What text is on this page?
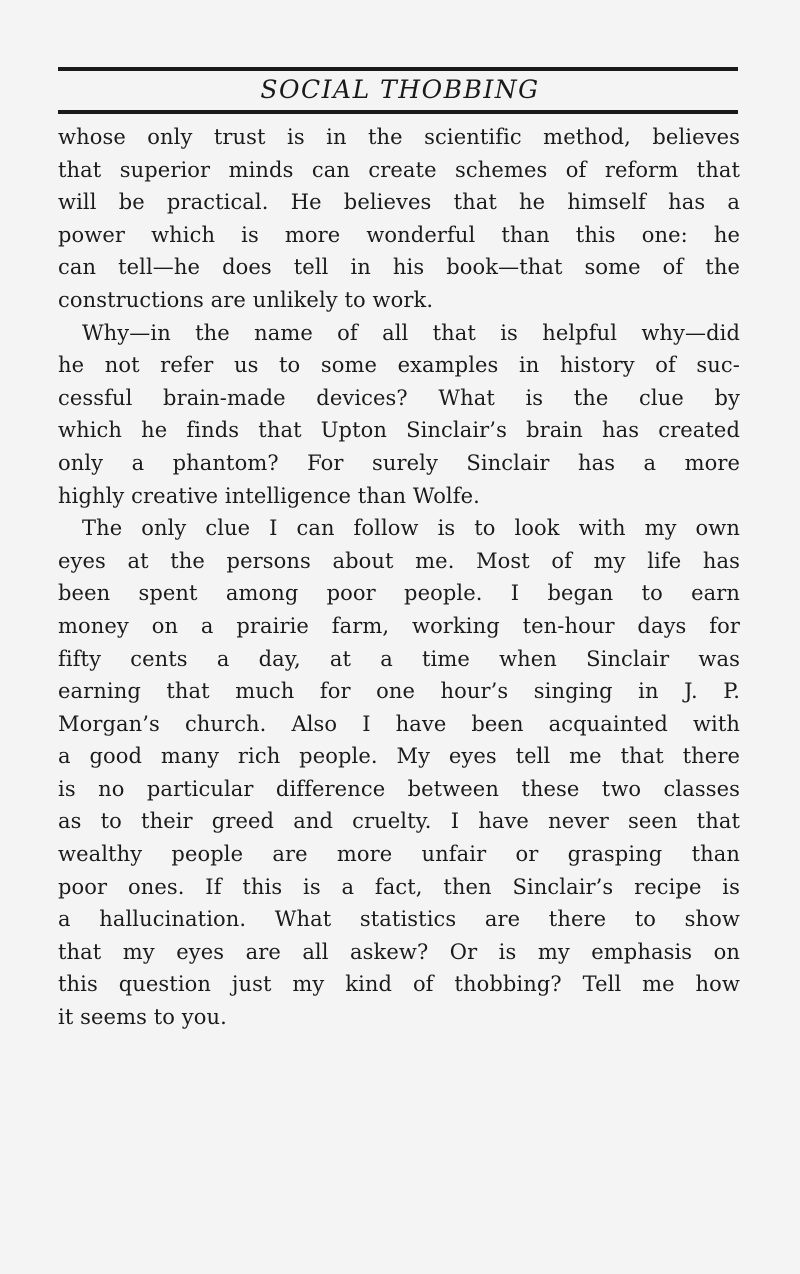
SOCIAL THOBBING
whose only trust is in the scientific method, believes
that superior minds can create schemes of reform that
will be practical. He believes that he himself has a
power which is more wonderful than this one: he
can tell—he does tell in his book—that some of the
constructions are unlikely to work.
Why—in the name of all that is helpful why—did
he not refer us to some examples in history of suc-
cessful brain-made devices? What is the clue by
which he finds that Upton Sinclair’s brain has created
only a phantom? For surely Sinclair has a more
highly creative intelligence than Wolfe.
The only clue I can follow is to look with my own
eyes at the persons about me. Most of my life has
been spent among poor people. I began to earn
money on a prairie farm, working ten-hour days for
fifty cents a day, at a time when Sinclair was
earning that much for one hour’s singing in J. P.
Morgan’s church. Also I have been acquainted with
a good many rich people. My eyes tell me that there
is no particular difference between these two classes
as to their greed and cruelty. I have never seen that
wealthy people are more unfair or grasping than
poor ones. If this is a fact, then Sinclair’s recipe is
a hallucination. What statistics are there to show
that my eyes are all askew? Or is my emphasis on
this question just my kind of thobbing? Tell me how
it seems to you.
